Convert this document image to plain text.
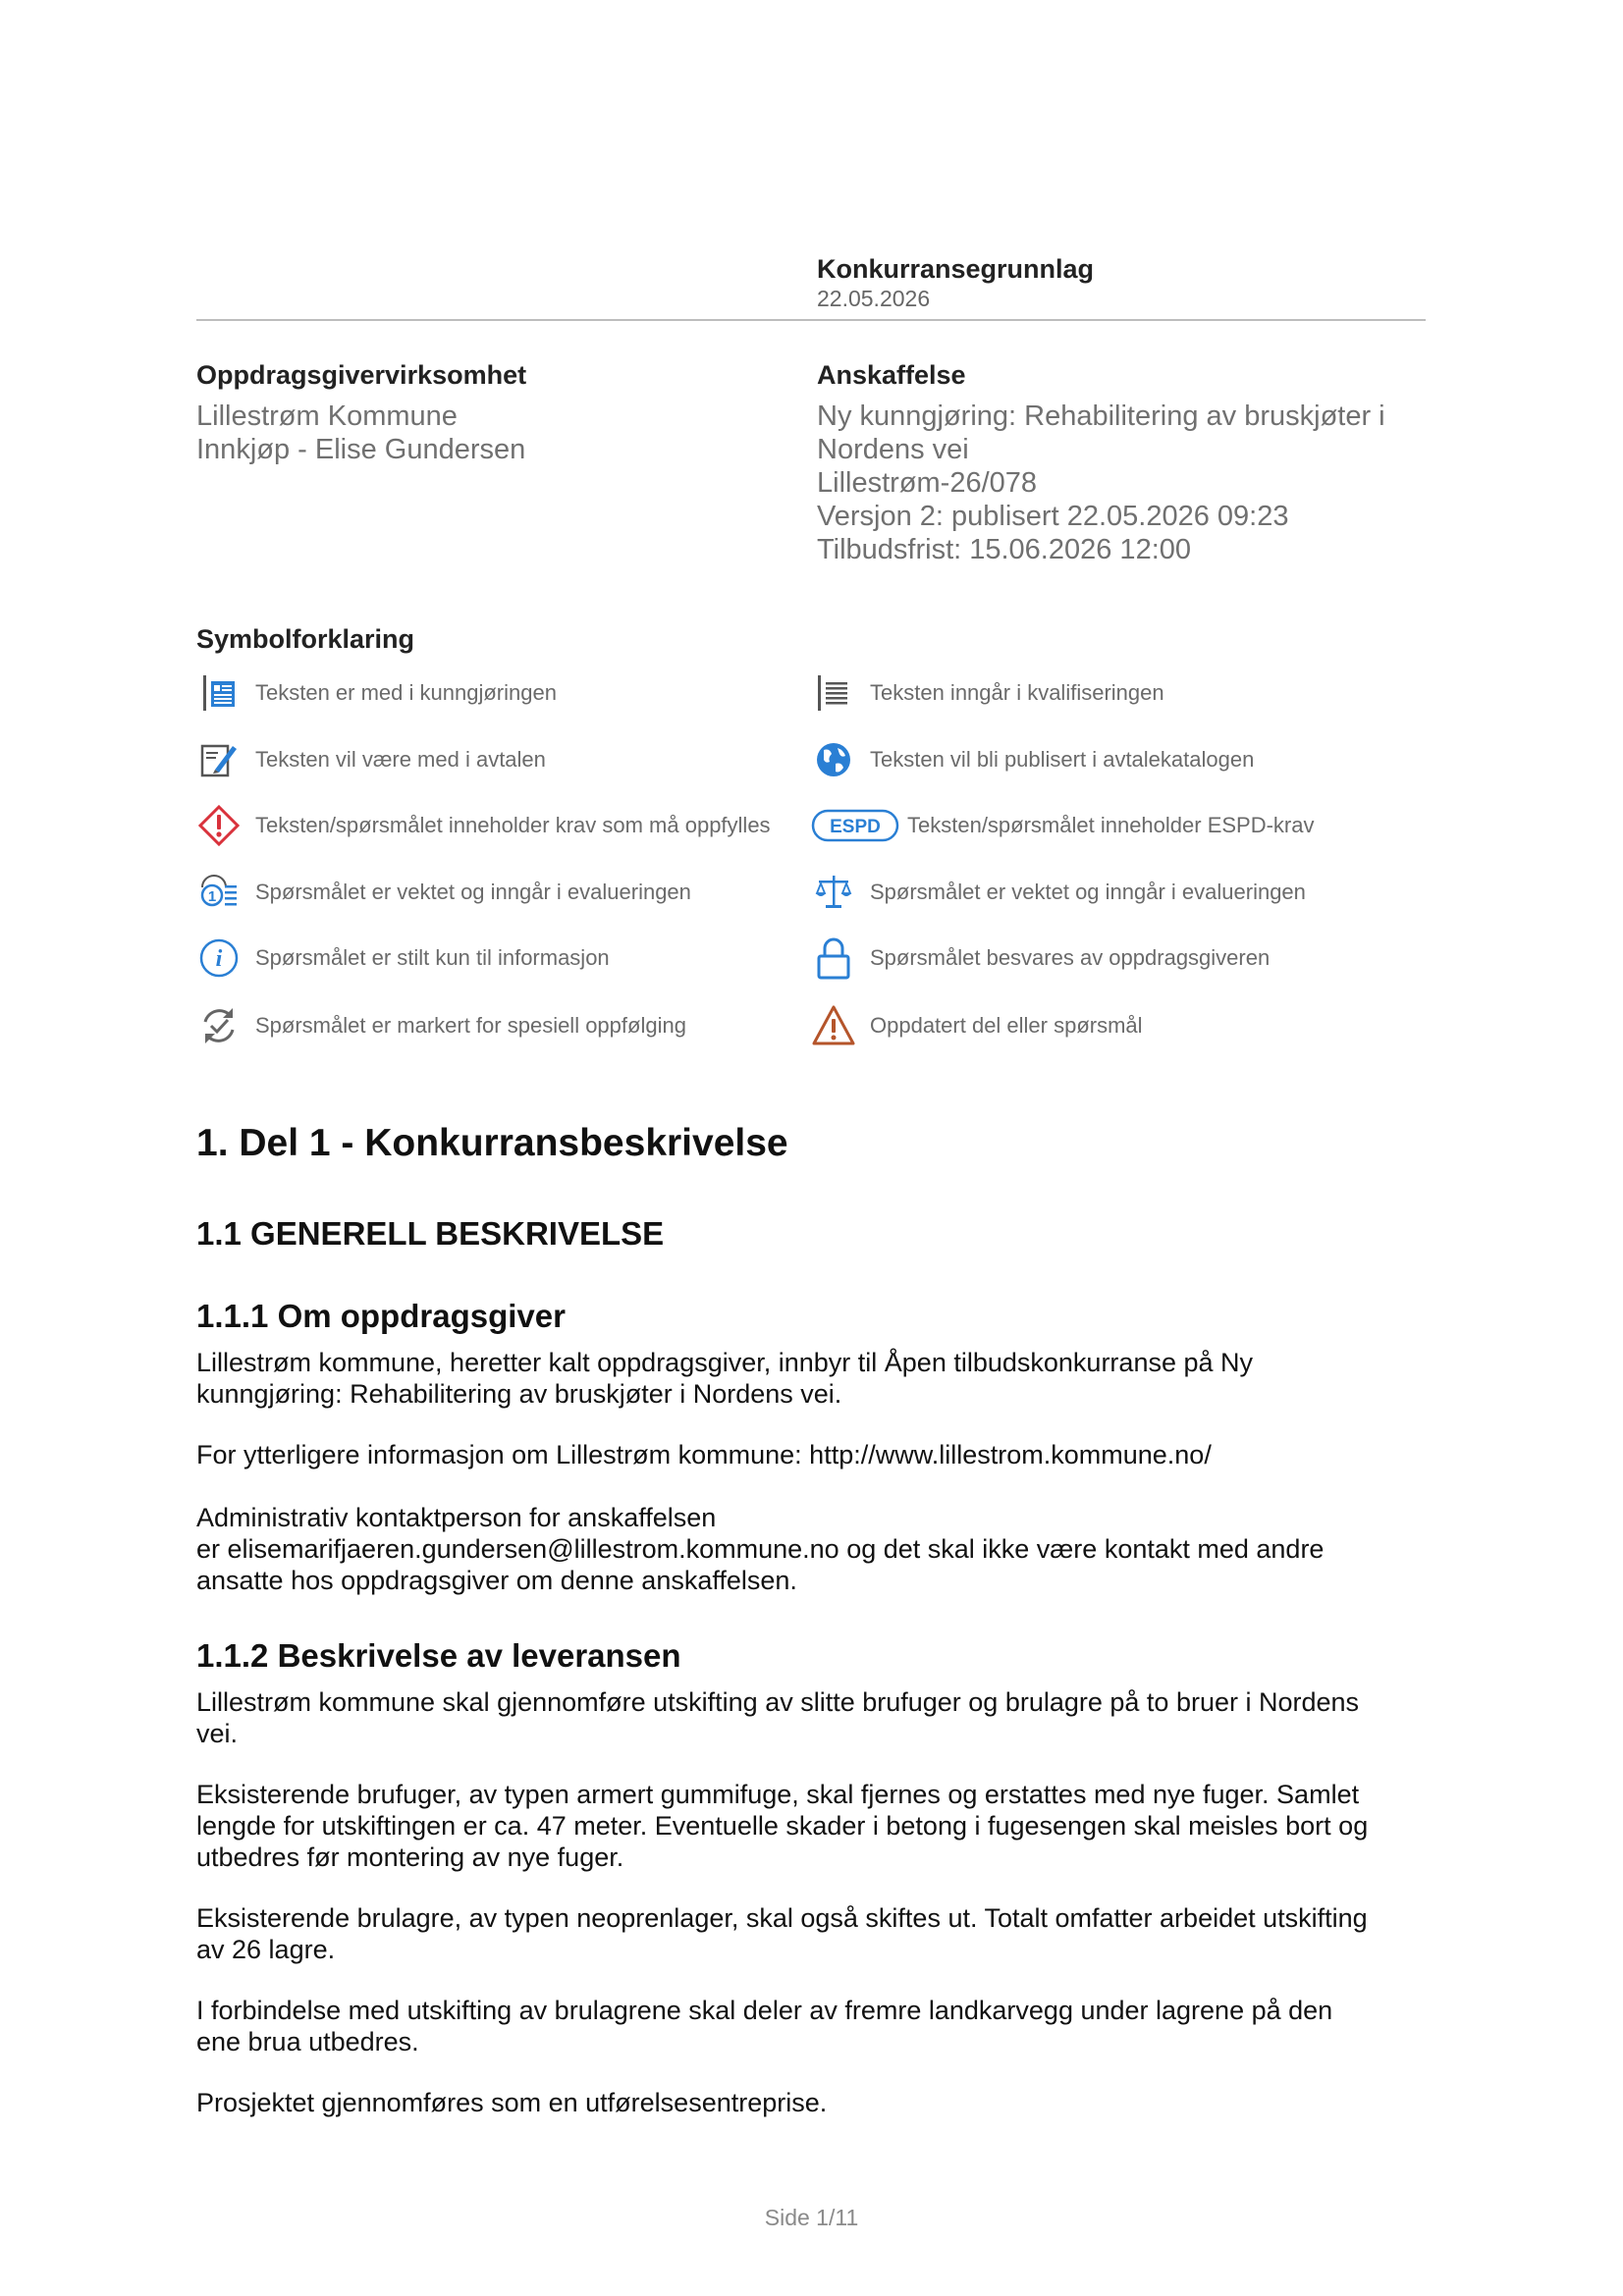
Konkurransegrunnlag
22.05.2026
Oppdragsgivervirksomhet
Lillestrøm Kommune
Innkjøp - Elise Gundersen
Anskaffelse
Ny kunngjøring: Rehabilitering av bruskjøter i
Nordens vei
Lillestrøm-26/078
Versjon 2: publisert 22.05.2026 09:23
Tilbudsfrist: 15.06.2026 12:00
Symbolforklaring
Teksten er med i kunngjøringen	Teksten inngår i kvalifiseringen
Teksten vil være med i avtalen	Teksten vil bli publisert i avtalekatalogen
Teksten/spørsmålet inneholder krav som må oppfylles	ESPD Teksten/spørsmålet inneholder ESPD-krav
1 Spørsmålet er vektet og inngår i evalueringen	Spørsmålet er vektet og inngår i evalueringen
i Spørsmålet er stilt kun til informasjon	Spørsmålet besvares av oppdragsgiveren
Spørsmålet er markert for spesiell oppfølging	Oppdatert del eller spørsmål
1. Del 1 - Konkurransbeskrivelse
1.1 GENERELL BESKRIVELSE
1.1.1 Om oppdragsgiver
Lillestrøm kommune, heretter kalt oppdragsgiver, innbyr til Åpen tilbudskonkurranse på Ny
kunngjøring: Rehabilitering av bruskjøter i Nordens vei.
For ytterligere informasjon om Lillestrøm kommune: http://www.lillestrom.kommune.no/
Administrativ kontaktperson for anskaffelsen
er elisemarifjaeren.gundersen@lillestrom.kommune.no og det skal ikke være kontakt med andre
ansatte hos oppdragsgiver om denne anskaffelsen.
1.1.2 Beskrivelse av leveransen
Lillestrøm kommune skal gjennomføre utskifting av slitte brufuger og brulagre på to bruer i Nordens
vei.
Eksisterende brufuger, av typen armert gummifuge, skal fjernes og erstattes med nye fuger. Samlet
lengde for utskiftingen er ca. 47 meter. Eventuelle skader i betong i fugesengen skal meisles bort og
utbedres før montering av nye fuger.
Eksisterende brulagre, av typen neoprenlager, skal også skiftes ut. Totalt omfatter arbeidet utskifting
av 26 lagre.
I forbindelse med utskifting av brulagrene skal deler av fremre landkarvegg under lagrene på den
ene brua utbedres.
Prosjektet gjennomføres som en utførelsesentreprise.
Side 1/11
